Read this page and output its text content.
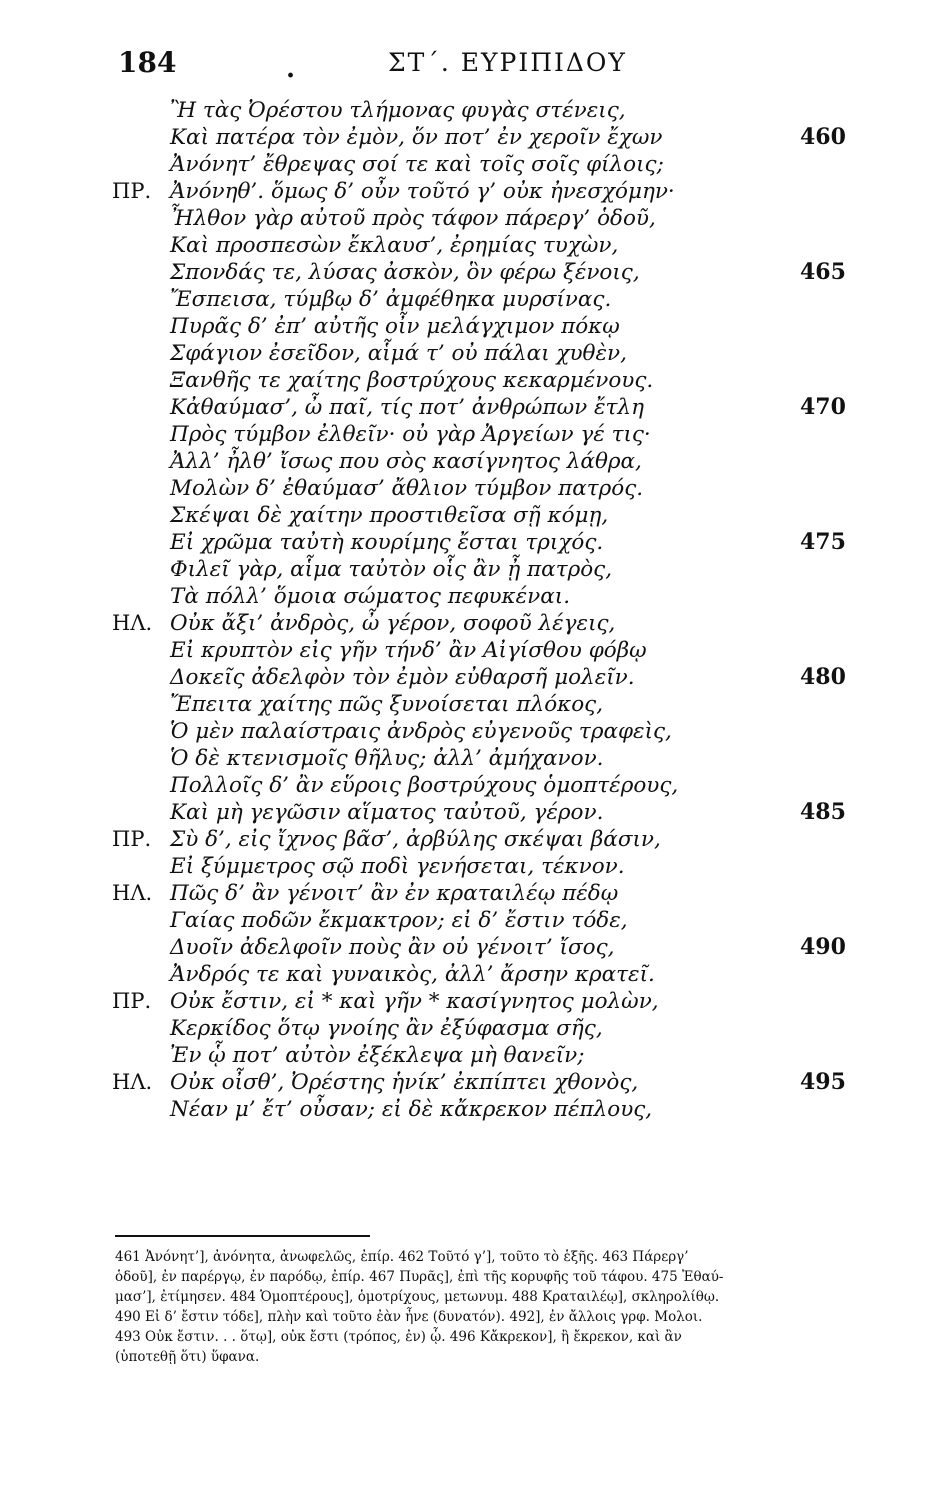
184	.	ΣΤ΄. ΕΥΡΙΠΙΔΟΥ
Ἢ τὰς Ὀρέστου τλήμονας φυγὰς στένεις,
Καὶ πατέρα τὸν ἐμὸν, ὅν ποτ’ ἐν χεροῖν ἔχων	460
Ἀνόνητ’ ἔθρεψας σοί τε καὶ τοῖς σοῖς φίλοις;
ΠΡ. Ἀνόνηθ’. ὅμως δ’ οὖν τοῦτό γ’ οὐκ ἠνεσχόμην·
Ἦλθον γὰρ αὐτοῦ πρὸς τάφον πάρεργ’ ὁδοῦ,
Καὶ προσπεσὼν ἔκλαυσ’, ἐρημίας τυχὼν,
Σπονδάς τε, λύσας ἀσκὸν, ὃν φέρω ξένοις,	465
Ἔσπεισα, τύμβῳ δ’ ἀμφέθηκα μυρσίνας.
Πυρᾶς δ’ ἐπ’ αὐτῆς οἶν μελάγχιμον πόκῳ
Σφάγιον ἐσεῖδον, αἷμά τ’ οὐ πάλαι χυθὲν,
Ξανθῆς τε χαίτης βοστρύχους κεκαρμένους.
Κἀθαύμασ’, ὦ παῖ, τίς ποτ’ ἀνθρώπων ἔτλη	470
Πρὸς τύμβον ἐλθεῖν· οὐ γὰρ Ἀργείων γέ τις·
Ἀλλ’ ἦλθ’ ἴσως που σὸς κασίγνητος λάθρα,
Μολὼν δ’ ἐθαύμασ’ ἄθλιον τύμβον πατρός.
Σκέψαι δὲ χαίτην προστιθεῖσα σῇ κόμῃ,
Εἰ χρῶμα ταὐτὴ κουρίμης ἔσται τριχός.	475
Φιλεῖ γὰρ, αἷμα ταὐτὸν οἷς ἂν ᾖ πατρὸς,
Τὰ πόλλ’ ὅμοια σώματος πεφυκέναι.
ΗΛ. Οὐκ ἄξι’ ἀνδρὸς, ὦ γέρον, σοφοῦ λέγεις,
Εἰ κρυπτὸν εἰς γῆν τήνδ’ ἂν Αἰγίσθου φόβῳ
Δοκεῖς ἀδελφὸν τὸν ἐμὸν εὐθαρσῆ μολεῖν.	480
Ἔπειτα χαίτης πῶς ξυνοίσεται πλόκος,
Ὁ μὲν παλαίστραις ἀνδρὸς εὐγενοῦς τραφεὶς,
Ὁ δὲ κτενισμοῖς θῆλυς; ἀλλ’ ἀμήχανον.
Πολλοῖς δ’ ἂν εὕροις βοστρύχους ὁμοπτέρους,
Καὶ μὴ γεγῶσιν αἵματος ταὐτοῦ, γέρον.	485
ΠΡ. Σὺ δ’, εἰς ἴχνος βᾶσ’, ἀρβύλης σκέψαι βάσιν,
Εἰ ξύμμετρος σῷ ποδὶ γενήσεται, τέκνον.
ΗΛ. Πῶς δ’ ἂν γένοιτ’ ἂν ἐν κραταιλέῳ πέδῳ
Γαίας ποδῶν ἔκμακτρον; εἰ δ’ ἔστιν τόδε,
Δυοῖν ἀδελφοῖν ποὺς ἂν οὐ γένοιτ’ ἴσος,	490
Ἀνδρός τε καὶ γυναικὸς, ἀλλ’ ἄρσην κρατεῖ.
ΠΡ. Οὐκ ἔστιν, εἰ * καὶ γῆν * κασίγνητος μολὼν,
Κερκίδος ὅτῳ γνοίης ἂν ἐξύφασμα σῆς,
Ἐν ᾧ ποτ’ αὐτὸν ἐξέκλεψα μὴ θανεῖν;
ΗΛ. Οὐκ οἶσθ’, Ὀρέστης ἡνίκ’ ἐκπίπτει χθονὸς,	495
Νέαν μ’ ἔτ’ οὖσαν; εἰ δὲ κἄκρεκον πέπλους,
461 Ἀνόνητ’], ἀνόνητα, ἀνωφελῶς, ἐπίρ. 462 Τοῦτό γ’], τοῦτο τὸ ἑξῆς. 463 Πάρεργ’
ὁδοῦ], ἐν παρέργῳ, ἐν παρόδῳ, ἐπίρ. 467 Πυρᾶς], ἐπὶ τῆς κορυφῆς τοῦ τάφου. 475 Ἐθαύ-
μασ’], ἐτίμησεν. 484 Ὁμοπτέρους], ὁμοτρίχους, μετωνυμ. 488 Κραταιλέῳ], σκληρολίθῳ.
490 Εἰ δ’ ἔστιν τόδε], πλὴν καὶ τοῦτο ἐὰν ἦνε (δυνατόν). 492], ἐν ἄλλοις γρφ. Μολοι.
493 Οὐκ ἔστιν. . . ὅτῳ], οὐκ ἔστι (τρόπος, ἐν) ᾧ. 496 Κἄκρεκον], ἢ ἔκρεκον, καὶ ἂν
(ὑποτεθῇ ὅτι) ὕφανα.
